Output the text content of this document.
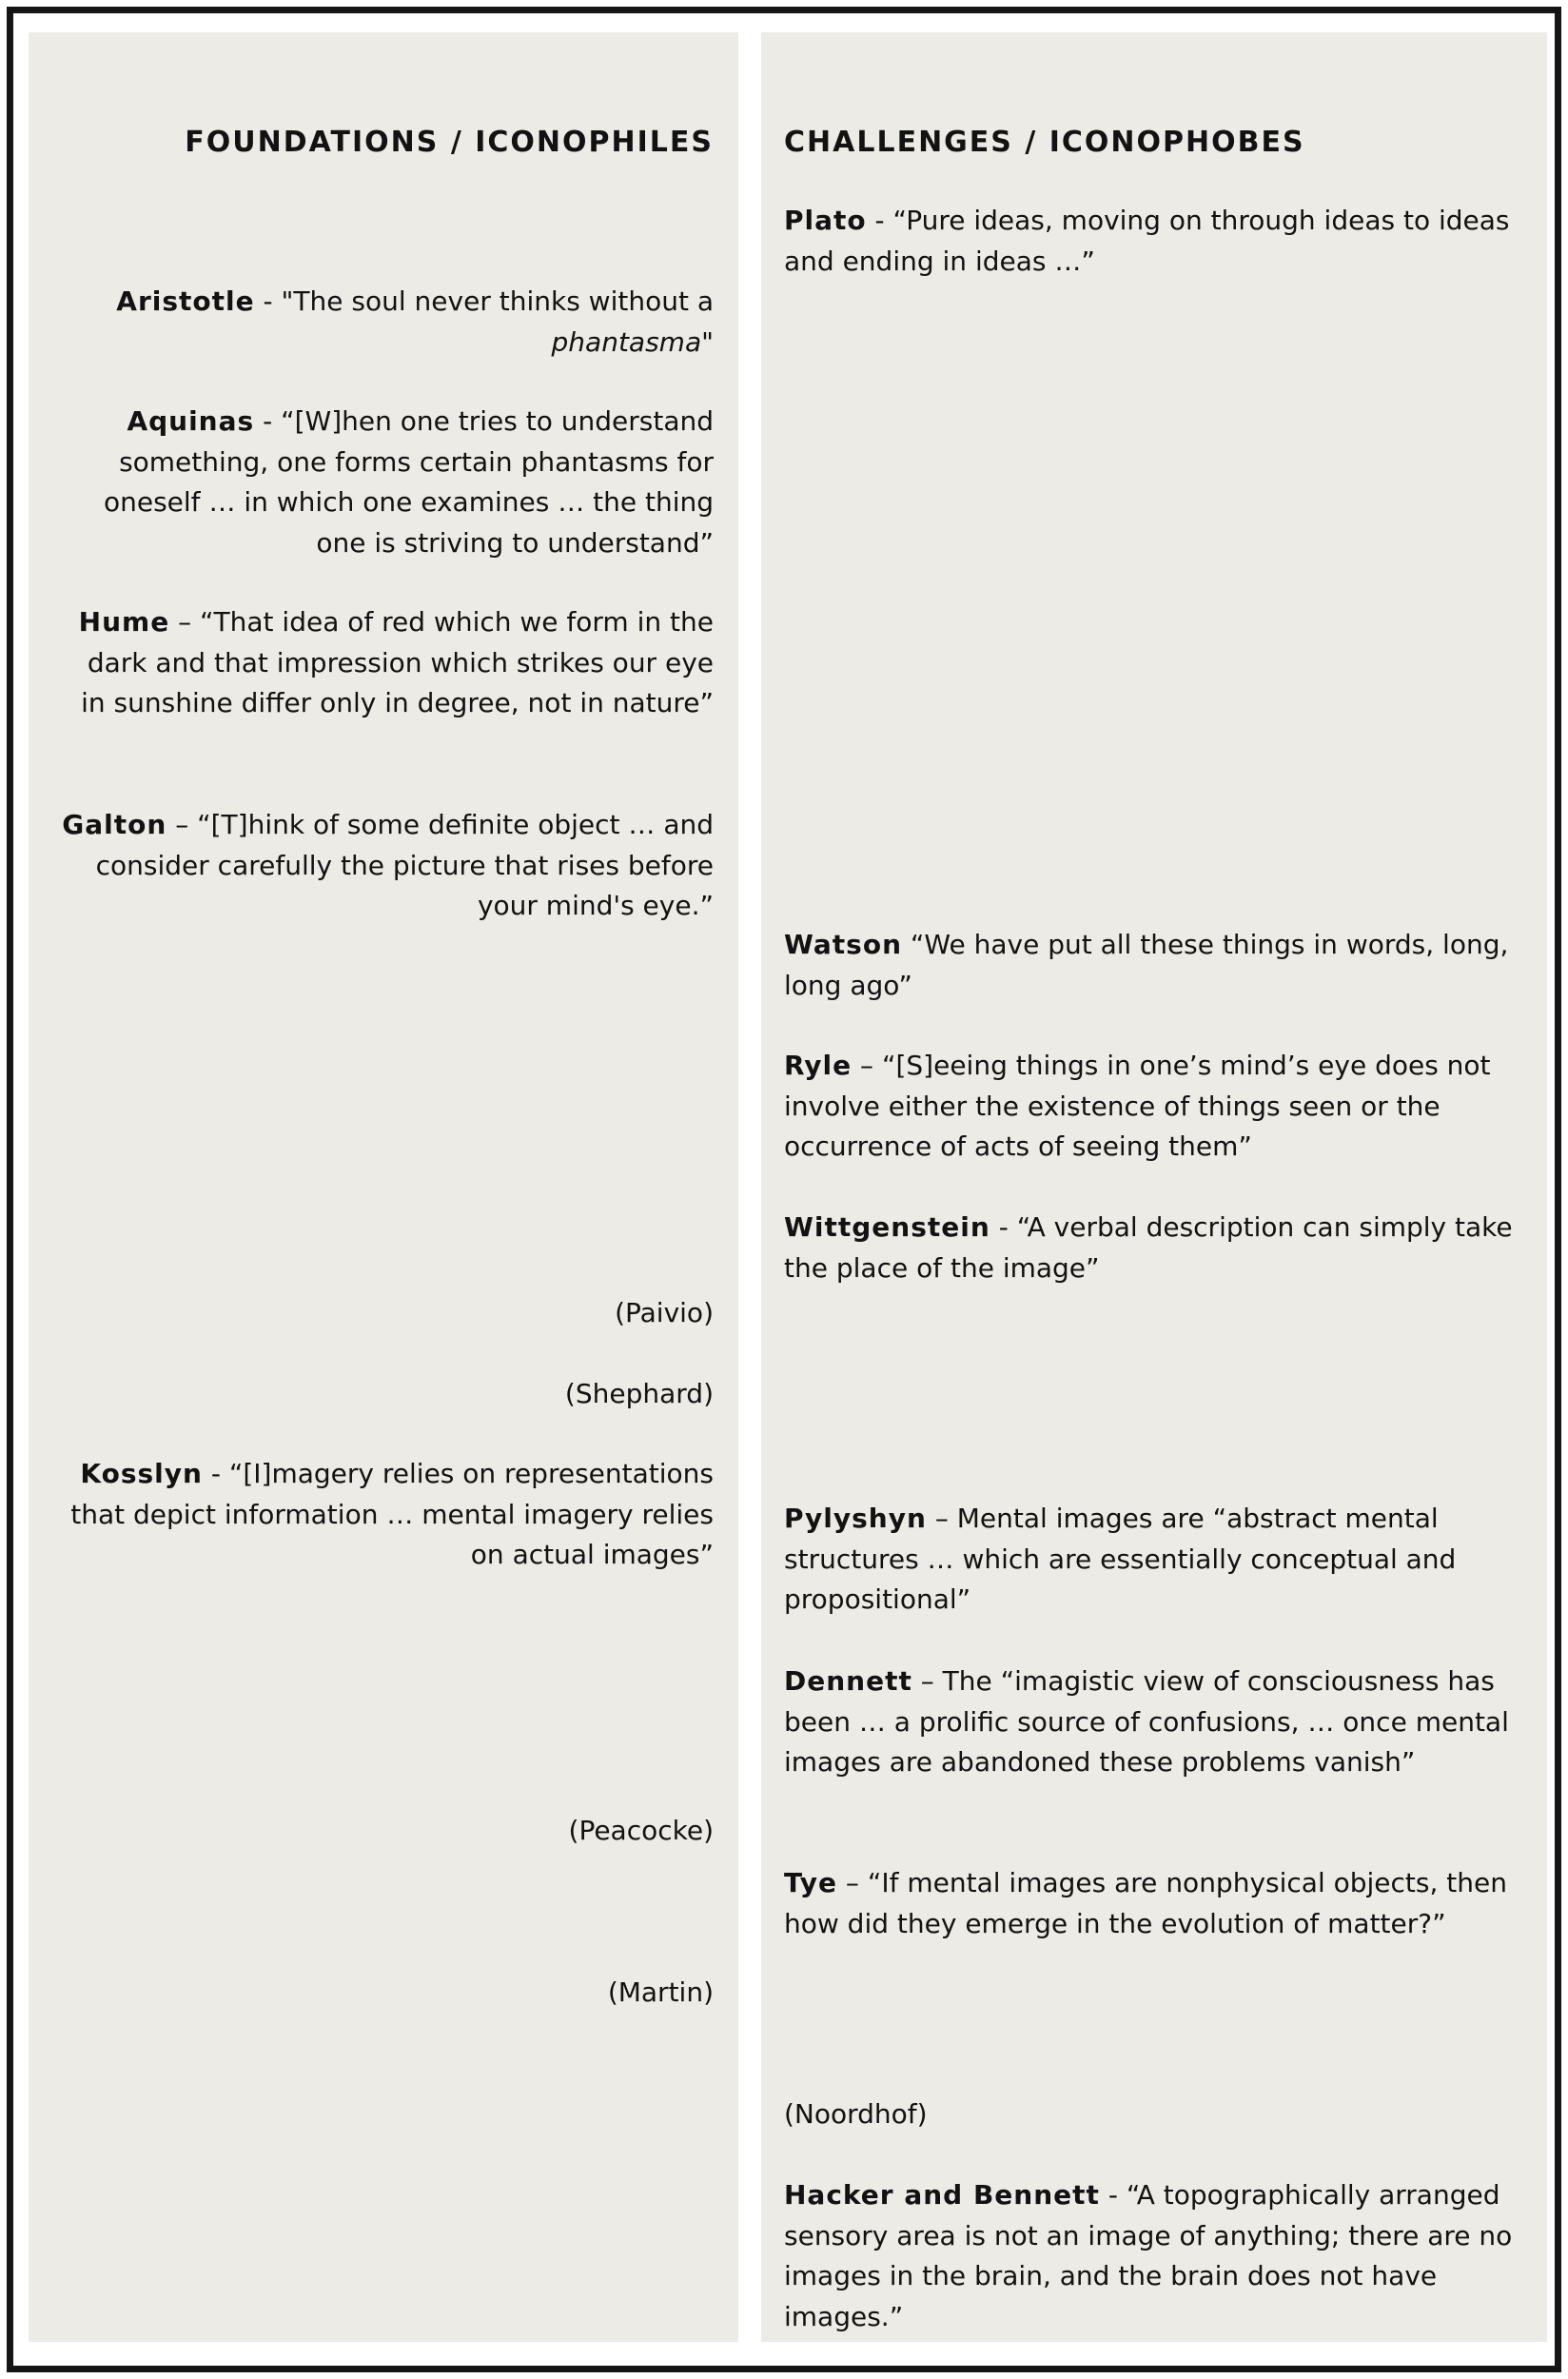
FOUNDATIONS / ICONOPHILES

Aristotle - "The soul never thinks without a phantasma"

Aquinas - “[W]hen one tries to understand something, one forms certain phantasms for oneself … in which one examines … the thing one is striving to understand”

Hume – “That idea of red which we form in the dark and that impression which strikes our eye in sunshine differ only in degree, not in nature”

Galton – “[T]hink of some definite object … and consider carefully the picture that rises before your mind's eye.”

(Paivio)

(Shephard)

Kosslyn - “[I]magery relies on representations that depict information … mental imagery relies on actual images”

(Peacocke)

(Martin)

CHALLENGES / ICONOPHOBES

Plato - “Pure ideas, moving on through ideas to ideas and ending in ideas …”

Watson “We have put all these things in words, long, long ago”

Ryle – “[S]eeing things in one’s mind’s eye does not involve either the existence of things seen or the occurrence of acts of seeing them”

Wittgenstein - “A verbal description can simply take the place of the image”

Pylyshyn – Mental images are “abstract mental structures … which are essentially conceptual and propositional”

Dennett – The “imagistic view of consciousness has been … a prolific source of confusions, … once mental images are abandoned these problems vanish”

Tye – “If mental images are nonphysical objects, then how did they emerge in the evolution of matter?”

(Noordhof)

Hacker and Bennett - “A topographically arranged sensory area is not an image of anything; there are no images in the brain, and the brain does not have images.”
